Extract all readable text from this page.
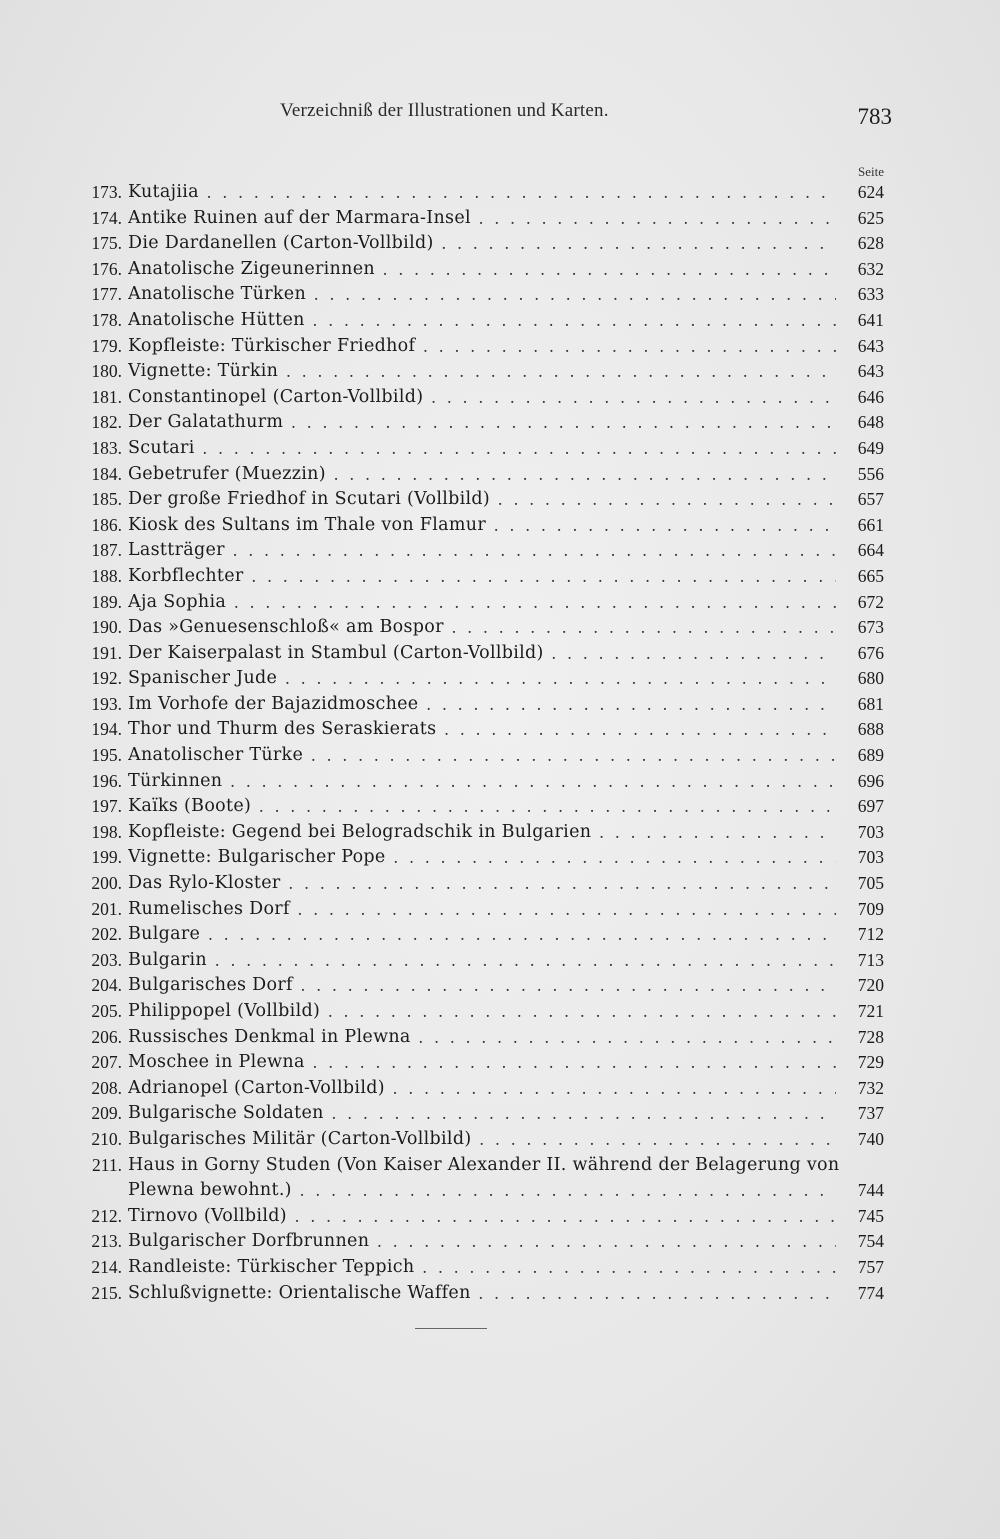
Verzeichniß der Illustrationen und Karten.	783
Seite
173. Kutajiia . . .	624
174. Antike Ruinen auf der Marmara-Insel . . .	625
175. Die Dardanellen (Carton-Vollbild) . . .	628
176. Anatolische Zigeunerinnen . . .	632
177. Anatolische Türken . . .	633
178. Anatolische Hütten . . .	641
179. Kopfleiste: Türkischer Friedhof . . .	643
180. Vignette: Türkin . . .	643
181. Constantinopel (Carton-Vollbild) . . .	646
182. Der Galatathurm . . .	648
183. Scutari . . .	649
184. Gebetrufer (Muezzin) . . .	556
185. Der große Friedhof in Scutari (Vollbild) . . .	657
186. Kiosk des Sultans im Thale von Flamur . . .	661
187. Lastträger . . .	664
188. Korbflechter . . .	665
189. Aja Sophia . . .	672
190. Das »Genuesenschloß« am Bospor . . .	673
191. Der Kaiserpalast in Stambul (Carton-Vollbild) . . .	676
192. Spanischer Jude . . .	680
193. Im Vorhofe der Bajazidmoschee . . .	681
194. Thor und Thurm des Seraskierats . . .	688
195. Anatolischer Türke . . .	689
196. Türkinnen . . .	696
197. Kaïks (Boote) . . .	697
198. Kopfleiste: Gegend bei Belogradschik in Bulgarien . . .	703
199. Vignette: Bulgarischer Pope . . .	703
200. Das Rylo-Kloster . . .	705
201. Rumelisches Dorf . . .	709
202. Bulgare . . .	712
203. Bulgarin . . .	713
204. Bulgarisches Dorf . . .	720
205. Philippopel (Vollbild) . . .	721
206. Russisches Denkmal in Plewna . . .	728
207. Moschee in Plewna . . .	729
208. Adrianopel (Carton-Vollbild) . . .	732
209. Bulgarische Soldaten . . .	737
210. Bulgarisches Militär (Carton-Vollbild) . . .	740
211. Haus in Gorny Studen (Von Kaiser Alexander II. während der Belagerung von
Plewna bewohnt.) . . .	744
212. Tirnovo (Vollbild) . . .	745
213. Bulgarischer Dorfbrunnen . . .	754
214. Randleiste: Türkischer Teppich . . .	757
215. Schlußvignette: Orientalische Waffen . . .	774
